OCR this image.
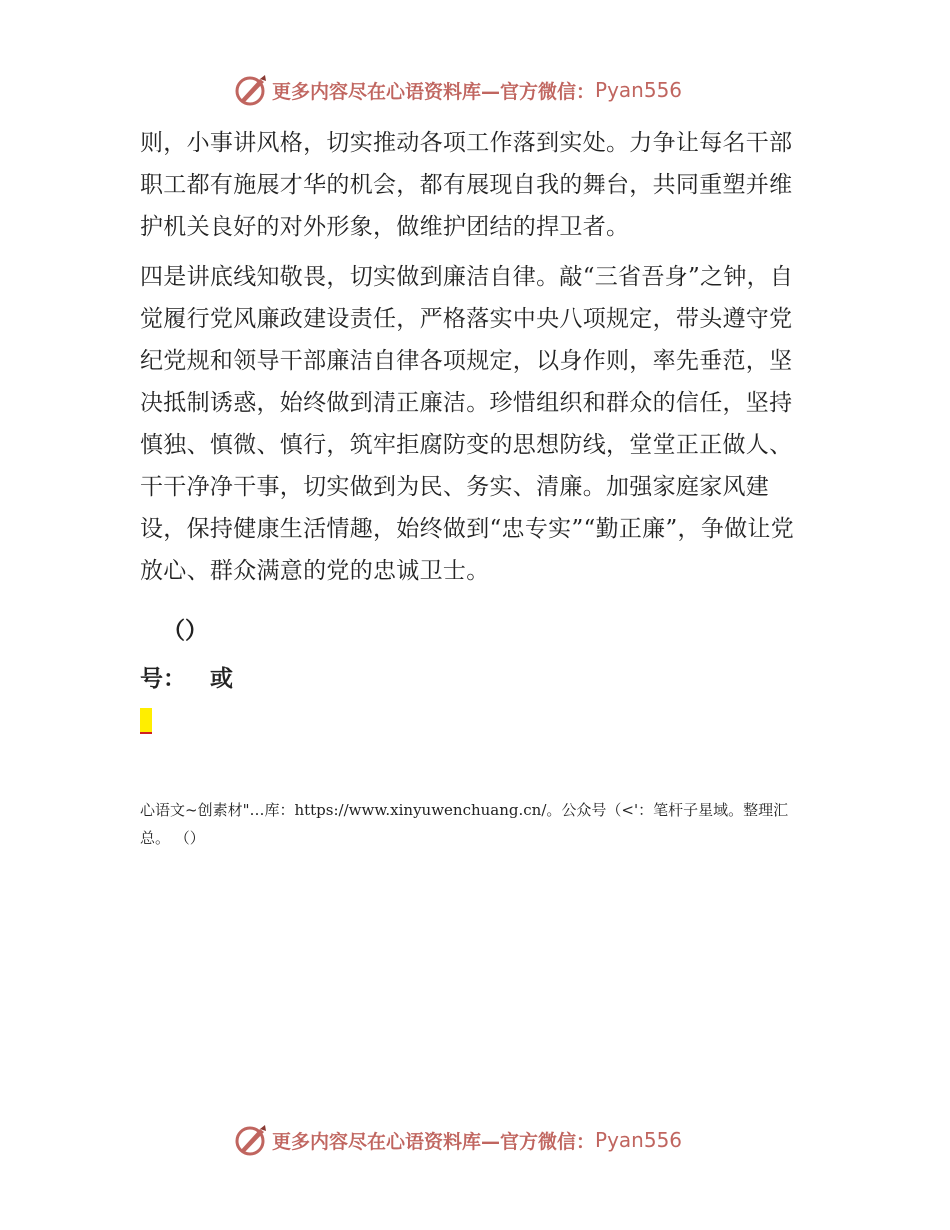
更多内容尽在心语资料库—官方微信： Pyan556

则，小事讲风格，切实推动各项工作落到实处。力争让每名干部职工都有施展才华的机会，都有展现自我的舞台，共同重塑并维护机关良好的对外形象，做维护团结的捍卫者。

四是讲底线知敬畏，切实做到廉洁自律。敲“三省吾身”之钟，自觉履行党风廉政建设责任，严格落实中央八项规定，带头遵守党纪党规和领导干部廉洁自律各项规定，以身作则，率先垂范，坚决抵制诱惑，始终做到清正廉洁。珍惜组织和群众的信任，坚持慎独、慎微、慎行，筑牢拒腐防变的思想防线，堂堂正正做人、干干净净干事，切实做到为民、务实、清廉。加强家庭家风建设，保持健康生活情趣，始终做到“忠专实”“勤正廉”，争做让党放心、群众满意的党的忠诚卫士。

（）
号： 或
心语文~创素材"…库：https://www.xinyuwenchuang.cn/。公众号（<'：笔杆子星域。整理汇总。 （）
更多内容尽在心语资料库—官方微信： Pyan556
